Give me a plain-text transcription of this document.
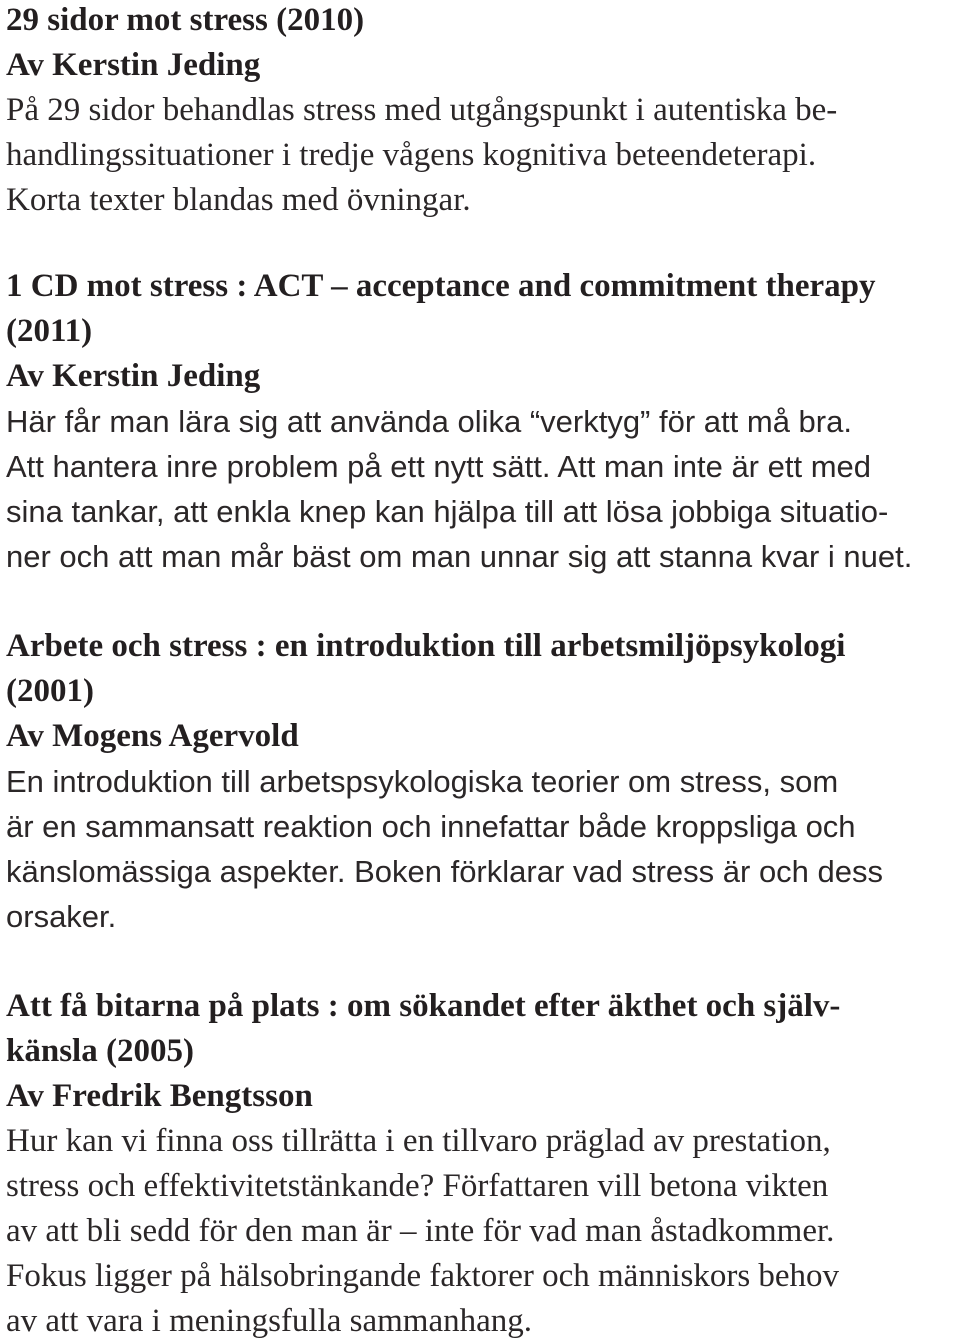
29 sidor mot stress (2010)
Av Kerstin Jeding
På 29 sidor behandlas stress med utgångspunkt i autentiska be-
handlingssituationer i tredje vågens kognitiva beteendeterapi.
Korta texter blandas med övningar.
1 CD mot stress : ACT – acceptance and commitment therapy
(2011)
Av Kerstin Jeding
Här får man lära sig att använda olika “verktyg” för att må bra.
Att hantera inre problem på ett nytt sätt. Att man inte är ett med
sina tankar, att enkla knep kan hjälpa till att lösa jobbiga situatio-
ner och att man mår bäst om man unnar sig att stanna kvar i nuet.
Arbete och stress : en introduktion till arbetsmiljöpsykologi
(2001)
Av Mogens Agervold
En introduktion till arbetspsykologiska teorier om stress, som
är en sammansatt reaktion och innefattar både kroppsliga och
känslomässiga aspekter. Boken förklarar vad stress är och dess
orsaker.
Att få bitarna på plats : om sökandet efter äkthet och själv-
känsla (2005)
Av Fredrik Bengtsson
Hur kan vi finna oss tillrätta i en tillvaro präglad av prestation,
stress och effektivitetstänkande? Författaren vill betona vikten
av att bli sedd för den man är – inte för vad man åstadkommer.
Fokus ligger på hälsobringande faktorer och människors behov
av att vara i meningsfulla sammanhang.
